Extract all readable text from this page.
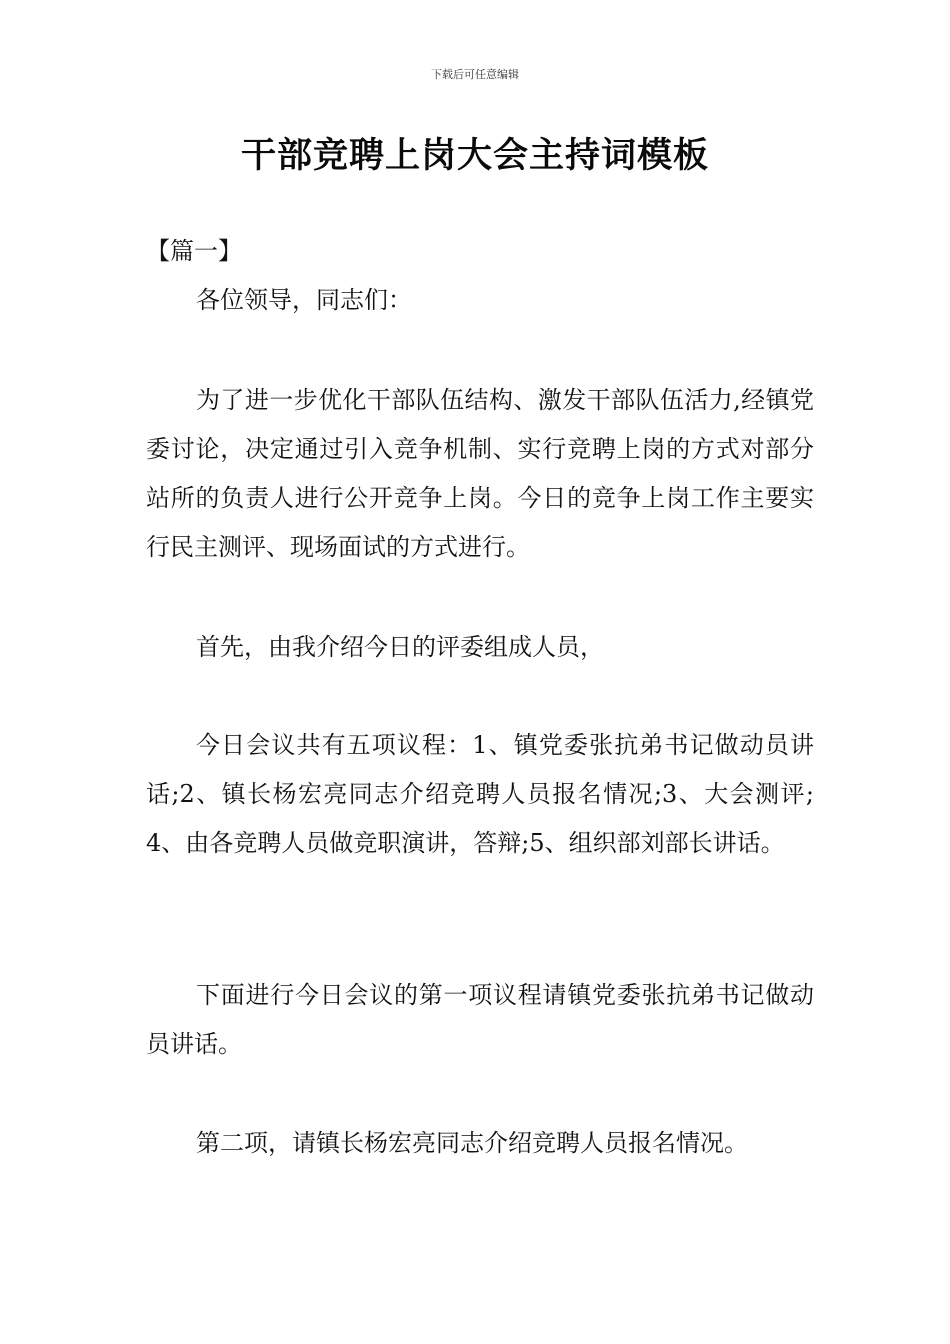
下载后可任意编辑
干部竞聘上岗大会主持词模板
【篇一】

各位领导，同志们：

为了进一步优化干部队伍结构、激发干部队伍活力,经镇党委讨论，决定通过引入竞争机制、实行竞聘上岗的方式对部分站所的负责人进行公开竞争上岗。今日的竞争上岗工作主要实行民主测评、现场面试的方式进行。

首先，由我介绍今日的评委组成人员，

今日会议共有五项议程：1、镇党委张抗弟书记做动员讲话;2、镇长杨宏亮同志介绍竞聘人员报名情况;3、大会测评;4、由各竞聘人员做竞职演讲，答辩;5、组织部刘部长讲话。

下面进行今日会议的第一项议程请镇党委张抗弟书记做动员讲话。

第二项，请镇长杨宏亮同志介绍竞聘人员报名情况。
